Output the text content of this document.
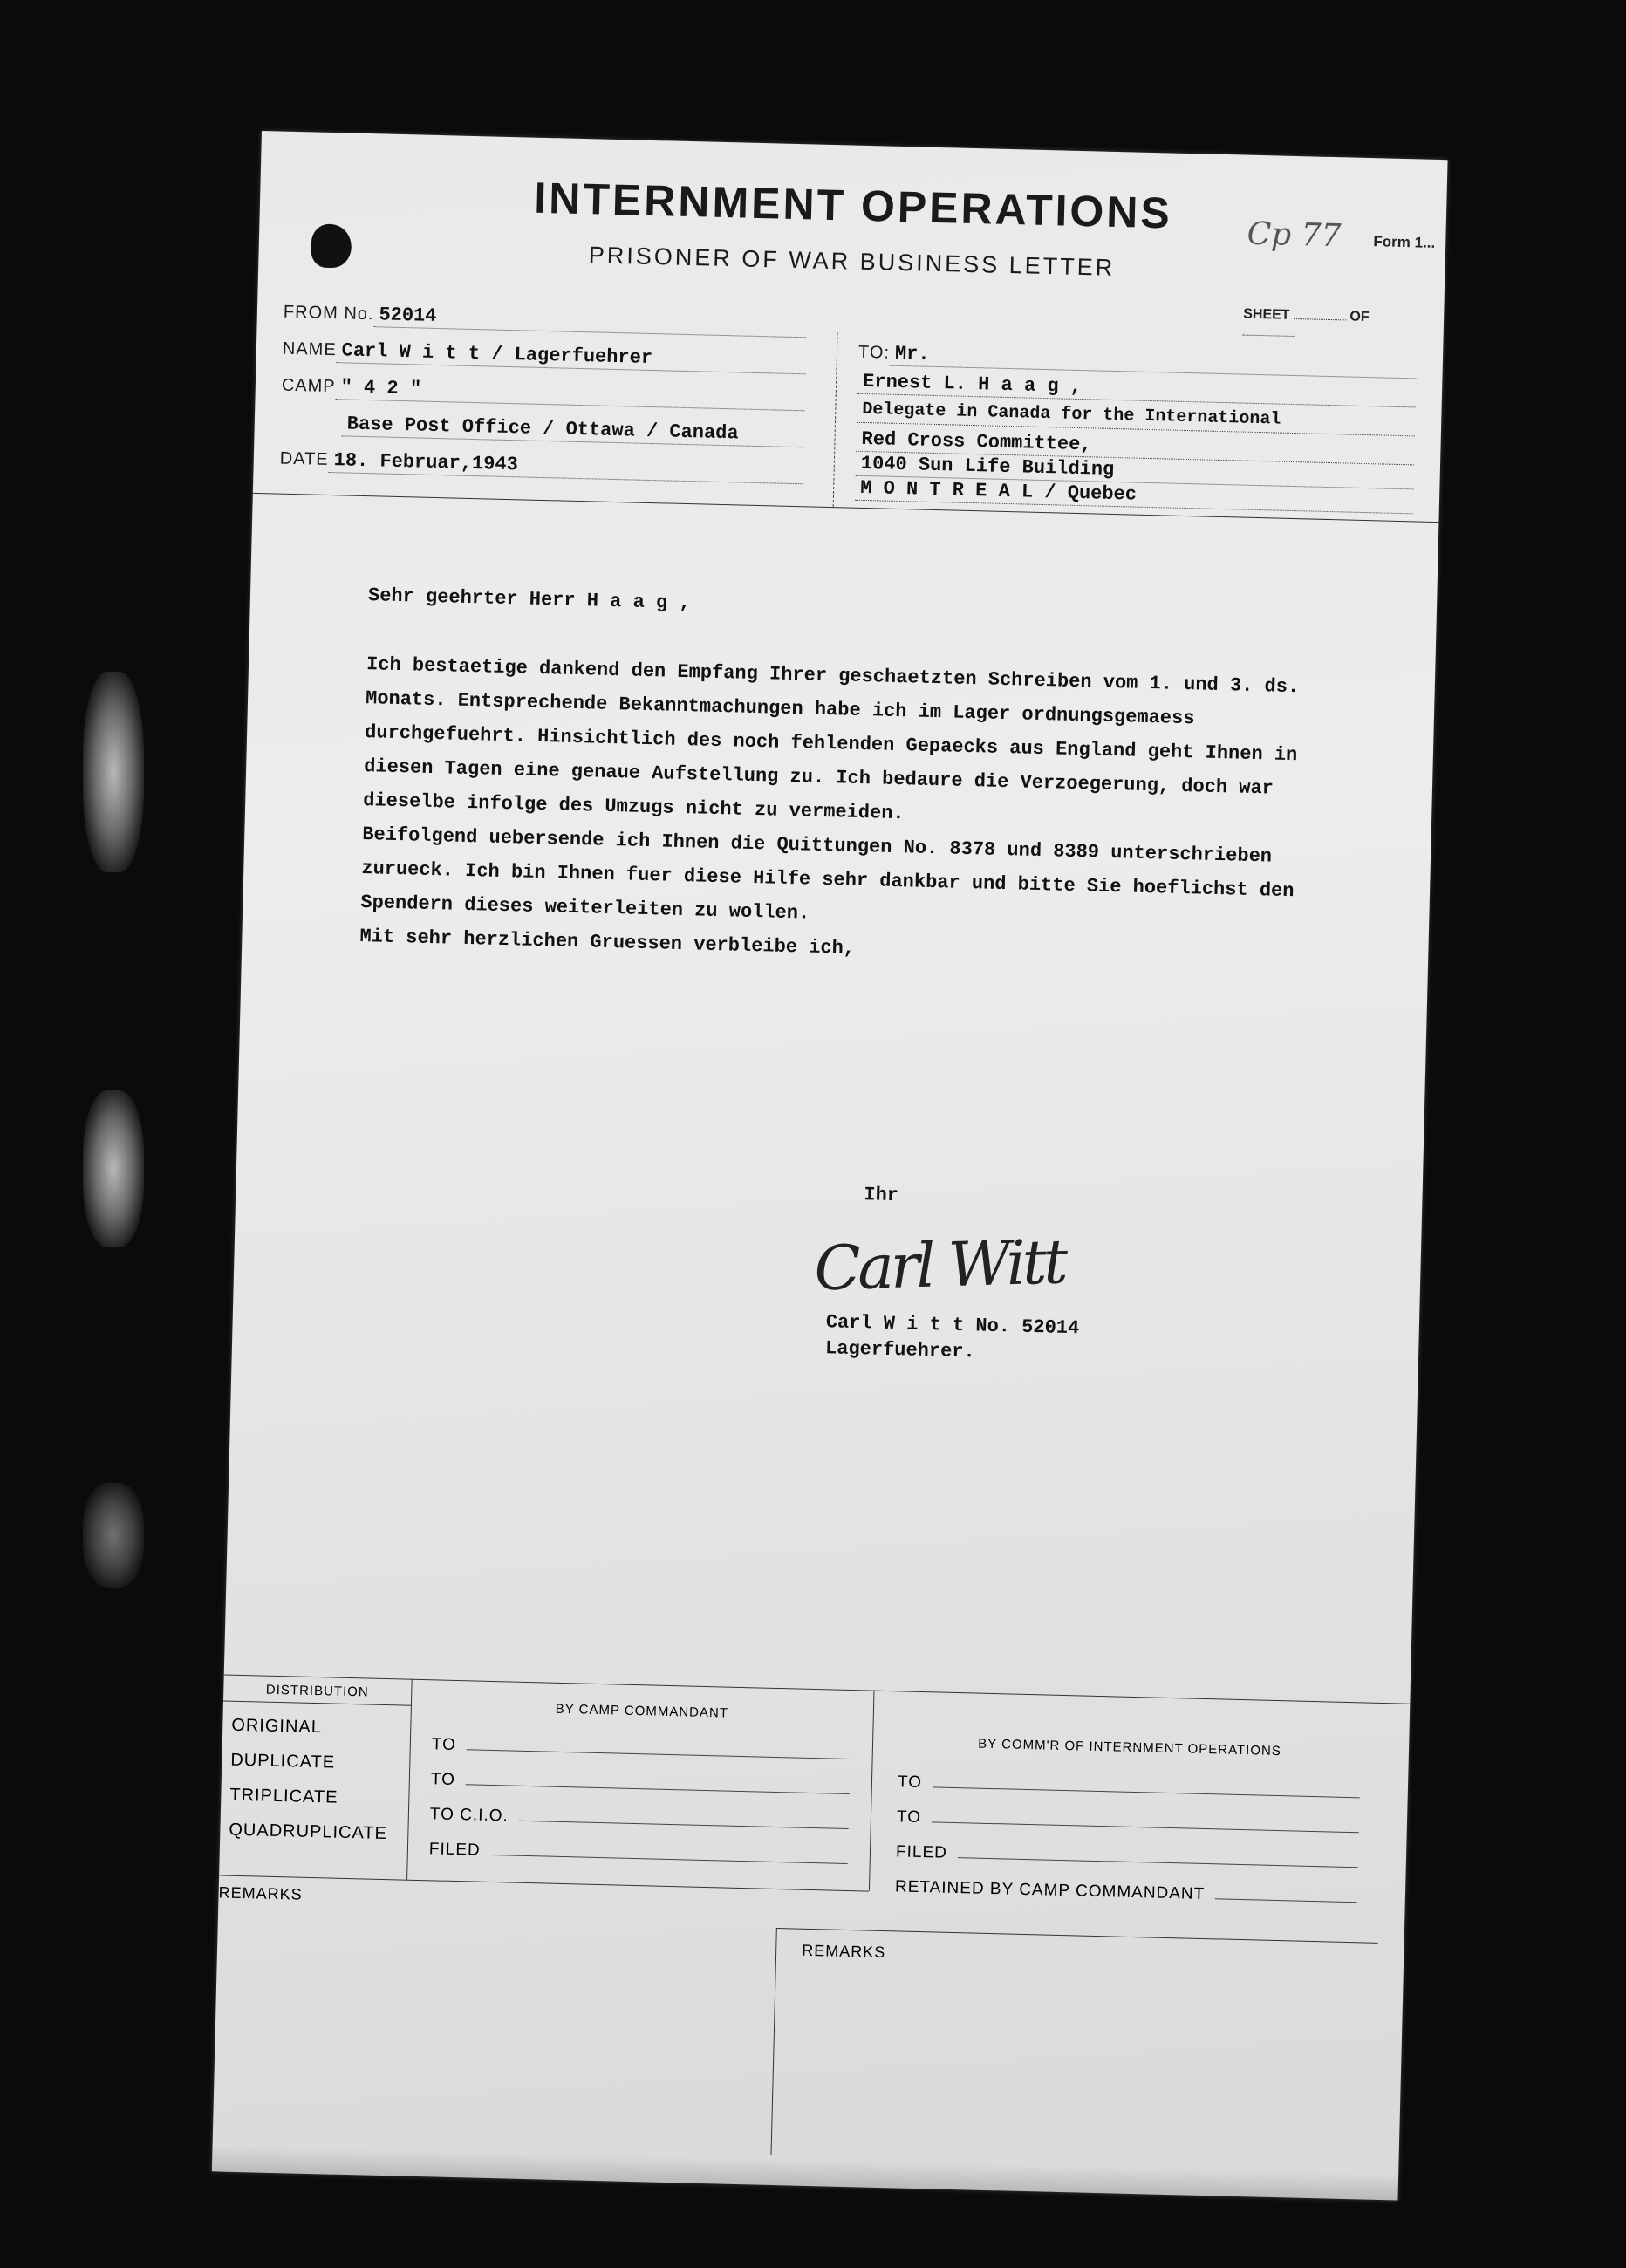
INTERNMENT OPERATIONS
PRISONER OF WAR BUSINESS LETTER	Form 1...
Cp 77
SHEET	OF
FROM No. 52014
NAME Carl W i t t / Lagerfuehrer
CAMP " 4 2 "
Base Post Office / Ottawa / Canada
DATE 18. Februar,1943
TO: Mr.
Ernest L. H a a g ,
Delegate in Canada for the International
Red Cross Committee,
1040 Sun Life Building
M O N T R E A L / Quebec

Sehr geehrter Herr H a a g ,

Ich bestaetige dankend den Empfang Ihrer geschaetzten Schreiben vom 1. und 3. ds. Monats. Entsprechende Bekanntmachungen habe ich im Lager ordnungsgemaess durchgefuehrt. Hinsichtlich des noch fehlenden Gepaecks aus England geht Ihnen in diesen Tagen eine genaue Aufstellung zu. Ich bedaure die Verzoegerung, doch war dieselbe infolge des Umzugs nicht zu vermeiden.

Beifolgend uebersende ich Ihnen die Quittungen No. 8378 und 8389 unterschrieben zurueck. Ich bin Ihnen fuer diese Hilfe sehr dankbar und bitte Sie hoeflichst den Spendern dieses weiterleiten zu wollen.

Mit sehr herzlichen Gruessen verbleibe ich,

Ihr
Carl Witt
Carl W i t t No. 52014
Lagerfuehrer.
DISTRIBUTION
ORIGINAL
DUPLICATE
TRIPLICATE
QUADRUPLICATE
BY CAMP COMMANDANT
TO
TO
TO C.I.O.
FILED
BY COMM'R OF INTERNMENT OPERATIONS
TO
TO
FILED
RETAINED BY CAMP COMMANDANT
REMARKS
REMARKS
